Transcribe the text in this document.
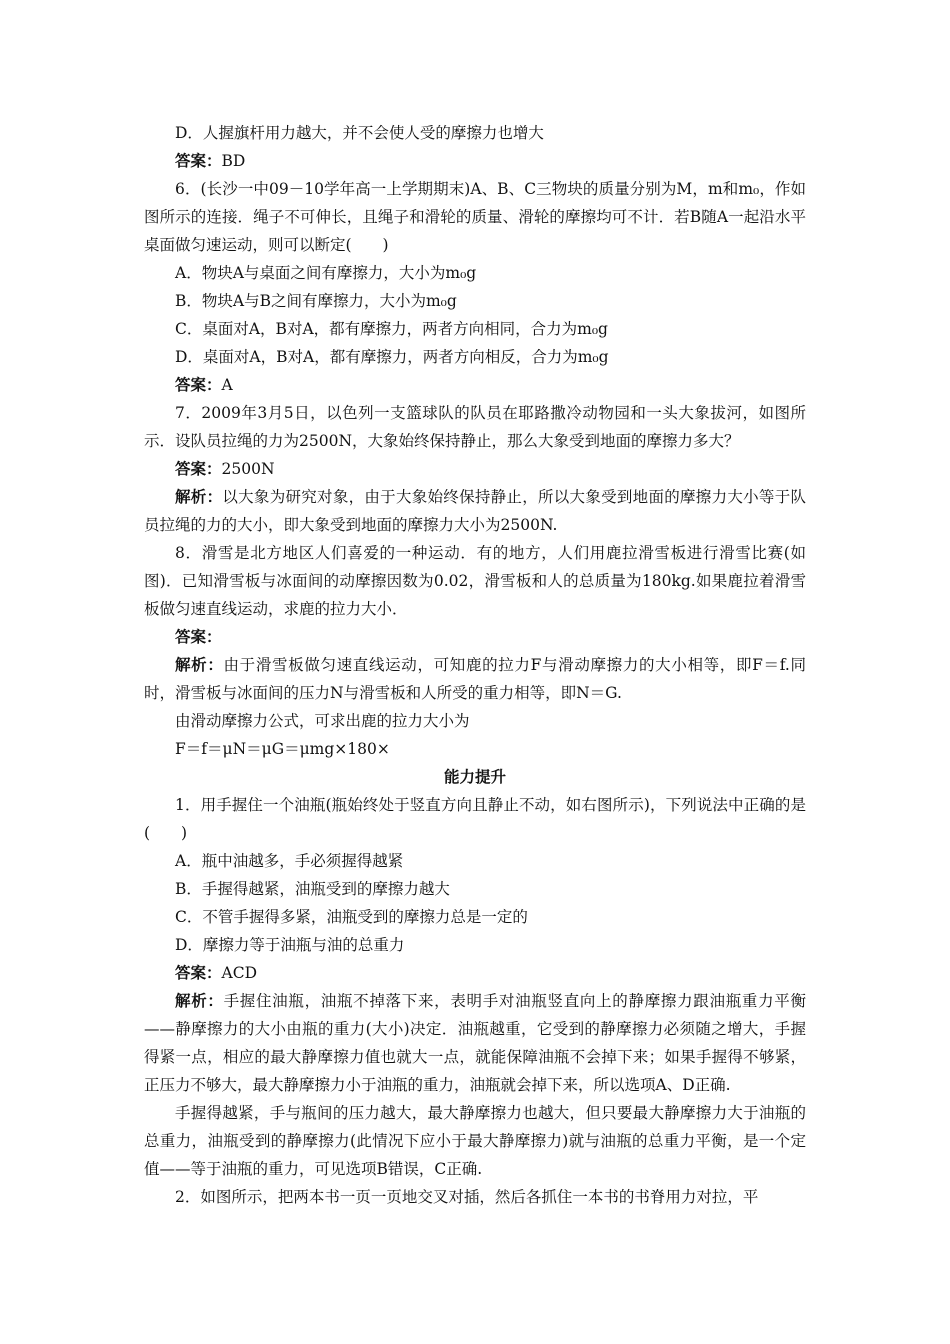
D．人握旗杆用力越大，并不会使人受的摩擦力也增大

答案：BD

6．(长沙一中09－10学年高一上学期期末)A、B、C三物块的质量分别为M，m和m₀，作如图所示的连接．绳子不可伸长，且绳子和滑轮的质量、滑轮的摩擦均可不计．若B随A一起沿水平桌面做匀速运动，则可以断定(　　)

A．物块A与桌面之间有摩擦力，大小为m₀g

B．物块A与B之间有摩擦力，大小为m₀g

C．桌面对A，B对A，都有摩擦力，两者方向相同，合力为m₀g

D．桌面对A，B对A，都有摩擦力，两者方向相反，合力为m₀g

答案：A

7．2009年3月5日，以色列一支篮球队的队员在耶路撒冷动物园和一头大象拔河，如图所示．设队员拉绳的力为2500N，大象始终保持静止，那么大象受到地面的摩擦力多大？

答案：2500N

解析：以大象为研究对象，由于大象始终保持静止，所以大象受到地面的摩擦力大小等于队员拉绳的力的大小，即大象受到地面的摩擦力大小为2500N.

8．滑雪是北方地区人们喜爱的一种运动．有的地方，人们用鹿拉滑雪板进行滑雪比赛(如图)．已知滑雪板与冰面间的动摩擦因数为0.02，滑雪板和人的总质量为180kg.如果鹿拉着滑雪板做匀速直线运动，求鹿的拉力大小．

答案：

解析：由于滑雪板做匀速直线运动，可知鹿的拉力F与滑动摩擦力的大小相等，即F＝f.同时，滑雪板与冰面间的压力N与滑雪板和人所受的重力相等，即N＝G.

由滑动摩擦力公式，可求出鹿的拉力大小为

F＝f＝μN＝μG＝μmg×180×

能力提升

1．用手握住一个油瓶(瓶始终处于竖直方向且静止不动，如右图所示)，下列说法中正确的是(　　)

A．瓶中油越多，手必须握得越紧

B．手握得越紧，油瓶受到的摩擦力越大

C．不管手握得多紧，油瓶受到的摩擦力总是一定的

D．摩擦力等于油瓶与油的总重力

答案：ACD

解析：手握住油瓶，油瓶不掉落下来，表明手对油瓶竖直向上的静摩擦力跟油瓶重力平衡——静摩擦力的大小由瓶的重力(大小)决定．油瓶越重，它受到的静摩擦力必须随之增大，手握得紧一点，相应的最大静摩擦力值也就大一点，就能保障油瓶不会掉下来；如果手握得不够紧，正压力不够大，最大静摩擦力小于油瓶的重力，油瓶就会掉下来，所以选项A、D正确.

手握得越紧，手与瓶间的压力越大，最大静摩擦力也越大，但只要最大静摩擦力大于油瓶的总重力，油瓶受到的静摩擦力(此情况下应小于最大静摩擦力)就与油瓶的总重力平衡，是一个定值——等于油瓶的重力，可见选项B错误，C正确.

2．如图所示，把两本书一页一页地交叉对插，然后各抓住一本书的书脊用力对拉，平
